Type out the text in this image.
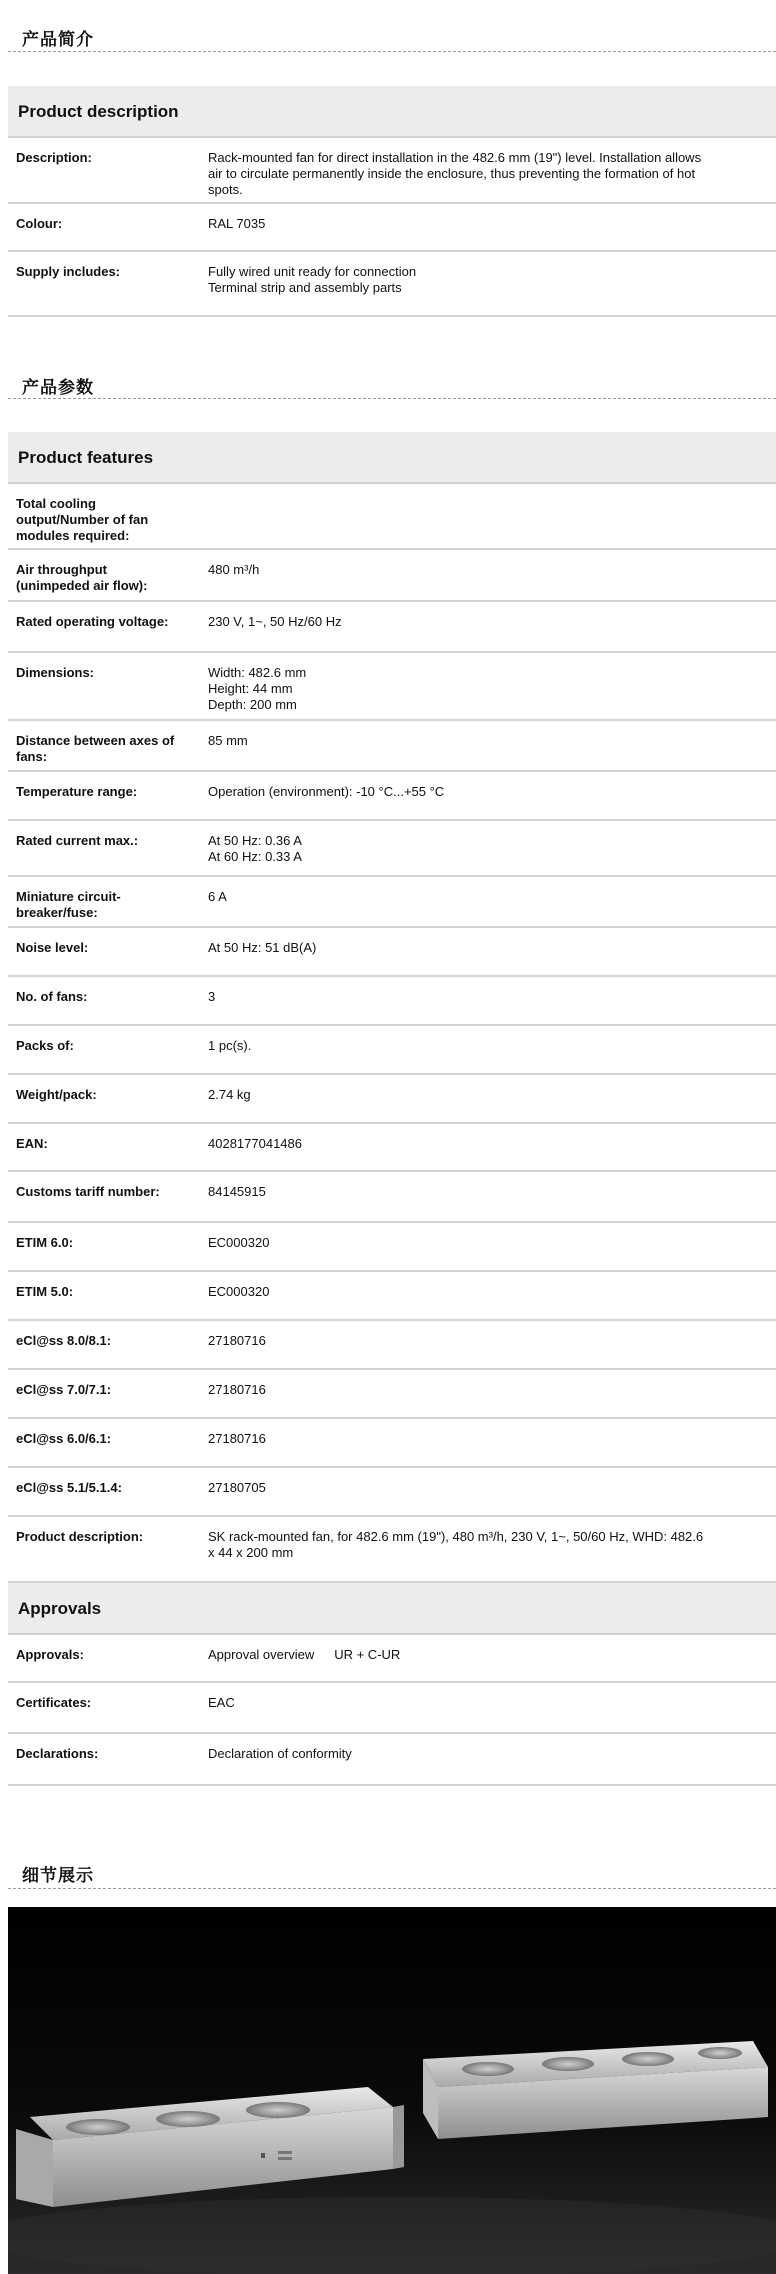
产品简介
Product description
Description:	Rack-mounted fan for direct installation in the 482.6 mm (19") level. Installation allows
air to circulate permanently inside the enclosure, thus preventing the formation of hot
spots.
Colour:	RAL 7035
Supply includes:	Fully wired unit ready for connection
Terminal strip and assembly parts
产品参数
Product features
Total cooling output/Number of fan modules required:
Air throughput (unimpeded air flow):
480 m³/h
Rated operating voltage:	230 V, 1~, 50 Hz/60 Hz
Dimensions:	Width: 482.6 mm
Height: 44 mm
Depth: 200 mm
Distance between axes of fans:
85 mm
Temperature range:	Operation (environment): -10 °C...+55 °C
Rated current max.:	At 50 Hz: 0.36 A
At 60 Hz: 0.33 A
Miniature circuit-breaker/fuse:
6 A
Noise level:	At 50 Hz: 51 dB(A)
No. of fans:	3
Packs of:	1 pc(s).
Weight/pack:	2.74 kg
EAN:	4028177041486
Customs tariff number:	84145915
ETIM 6.0:	EC000320
ETIM 5.0:	EC000320
eCl@ss 8.0/8.1:	27180716
eCl@ss 7.0/7.1:	27180716
eCl@ss 6.0/6.1:	27180716
eCl@ss 5.1/5.1.4:	27180705
Product description:	SK rack-mounted fan, for 482.6 mm (19"), 480 m³/h, 230 V, 1~, 50/60 Hz, WHD: 482.6
x 44 x 200 mm
Approvals
Approvals:	Approval overview UR + C-UR
Certificates:	EAC
Declarations:	Declaration of conformity
细节展示
